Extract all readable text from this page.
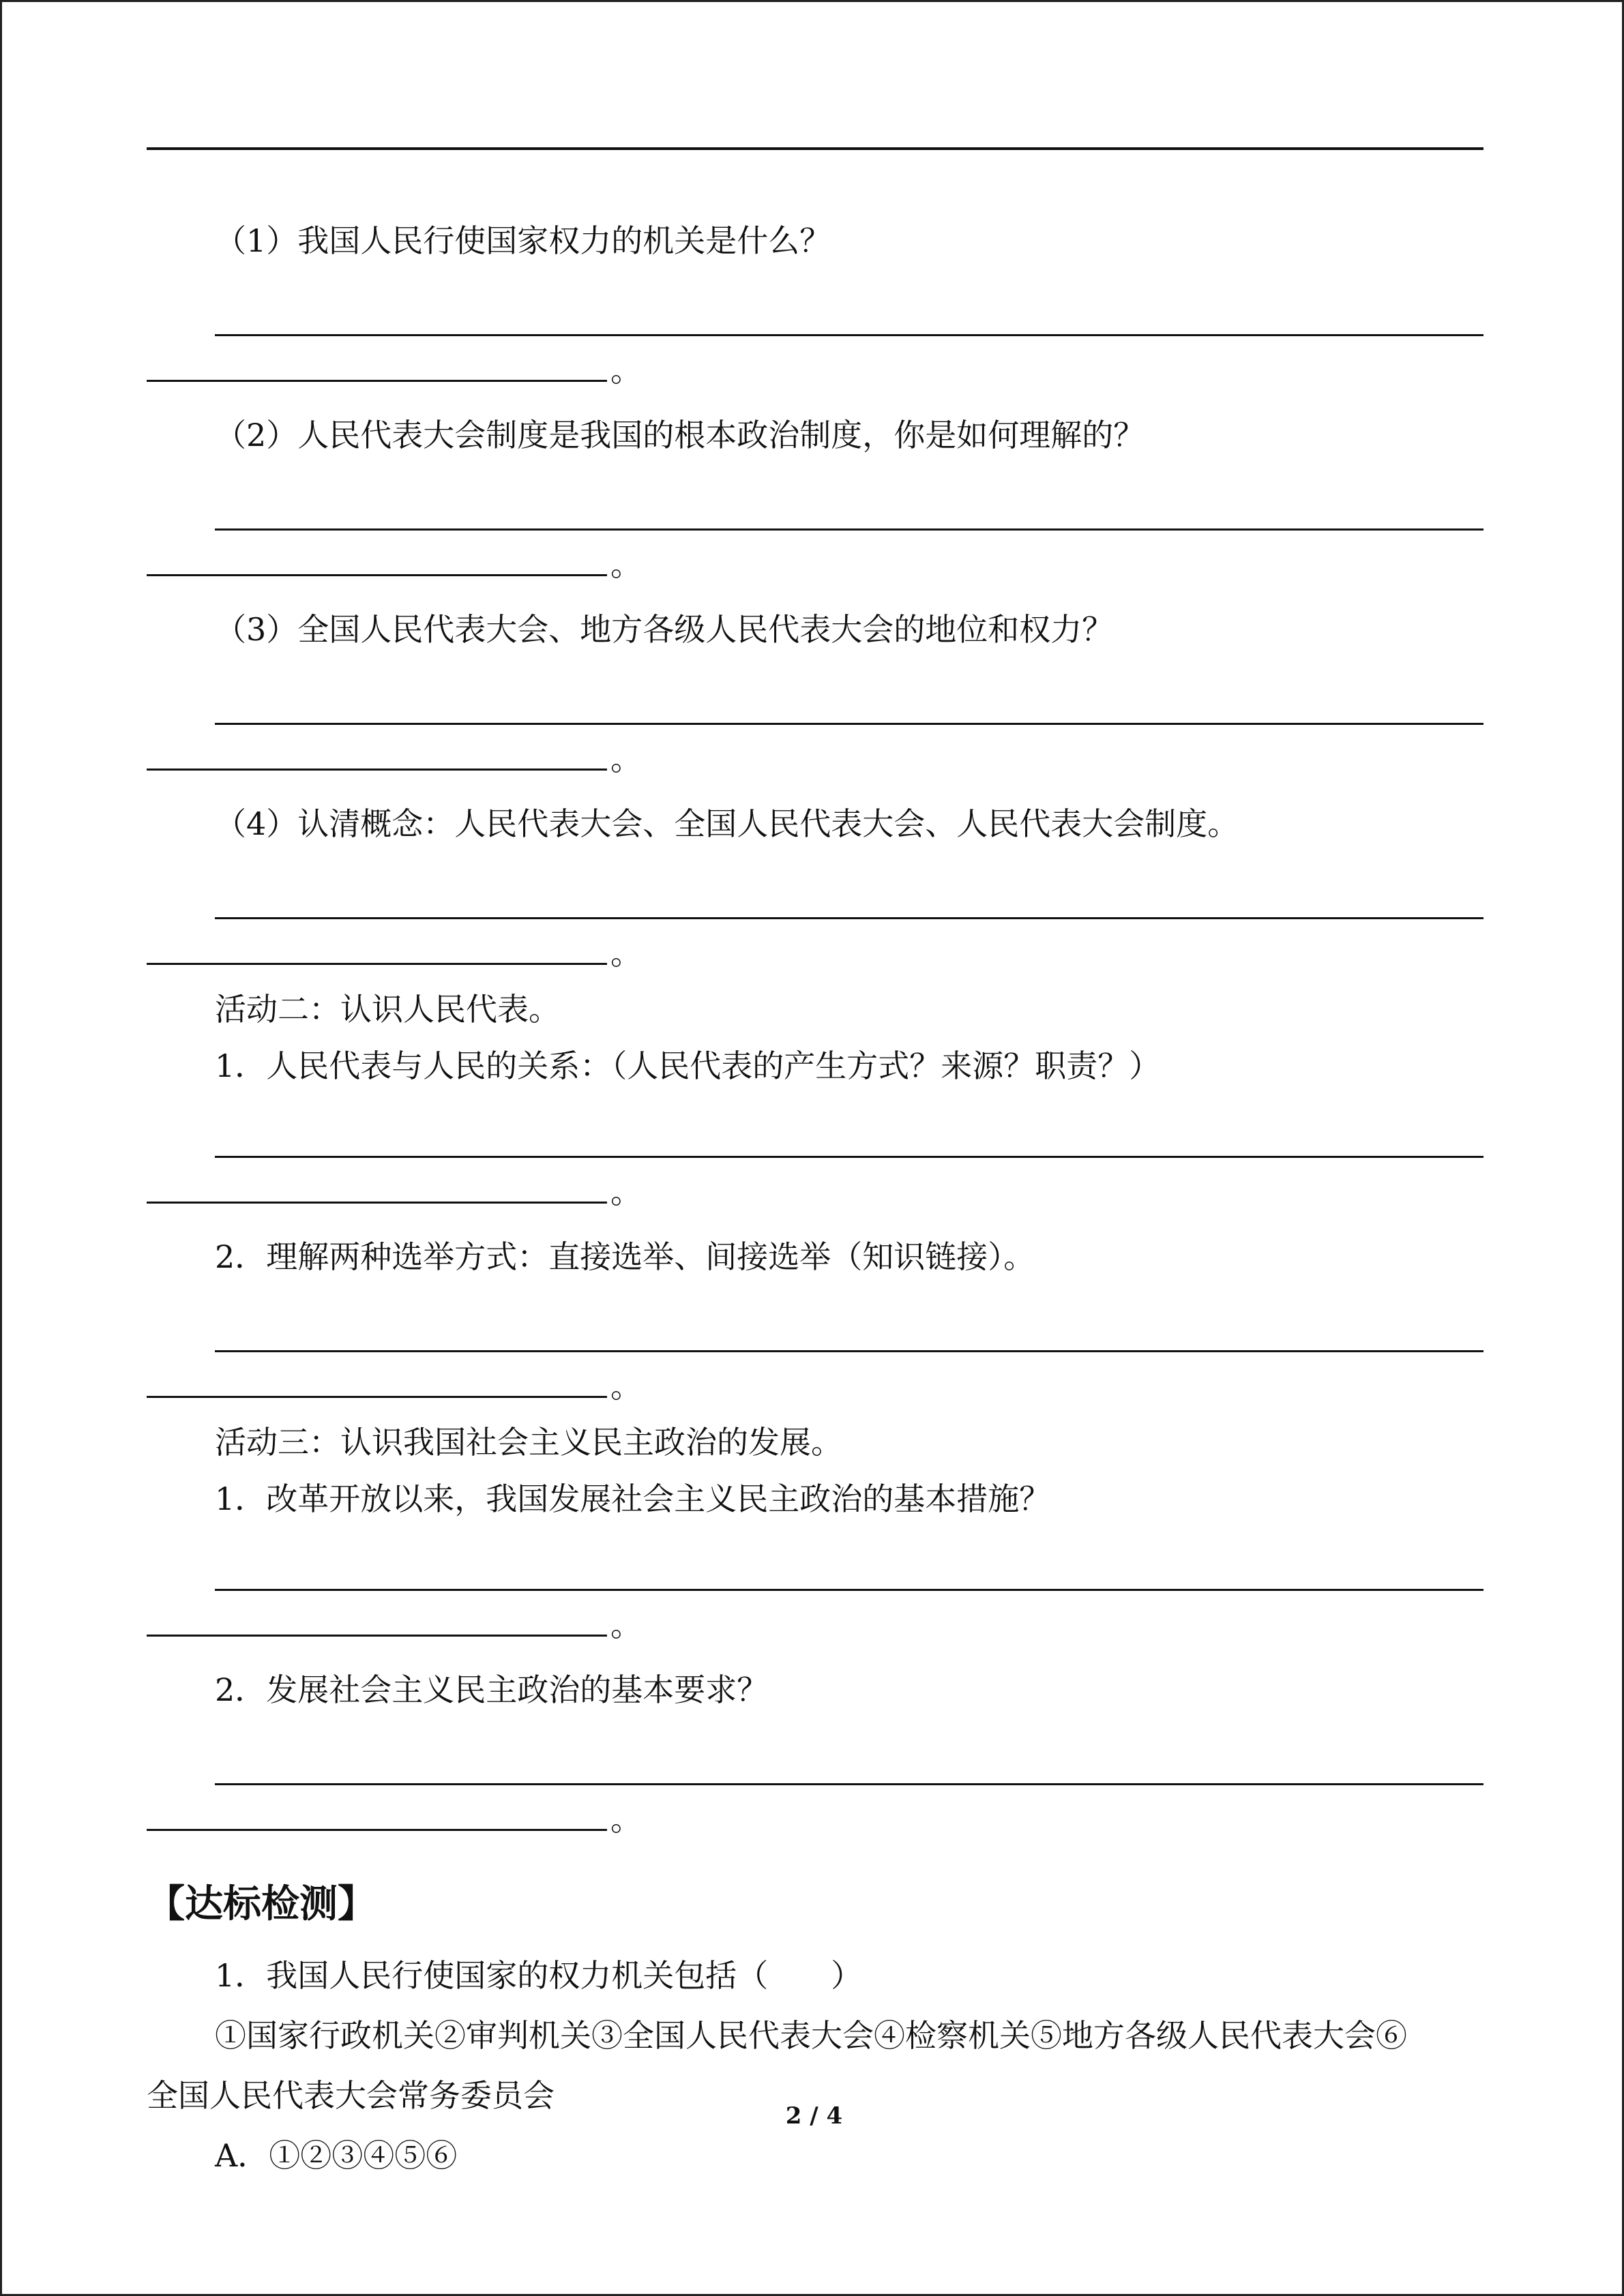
（1）我国人民行使国家权力的机关是什么？
。
（2）人民代表大会制度是我国的根本政治制度，你是如何理解的？
。
（3）全国人民代表大会、地方各级人民代表大会的地位和权力？
。
（4）认清概念：人民代表大会、全国人民代表大会、人民代表大会制度。
。
活动二：认识人民代表。
1．人民代表与人民的关系：（人民代表的产生方式？来源？职责？）
。
2．理解两种选举方式：直接选举、间接选举（知识链接）。
。
活动三：认识我国社会主义民主政治的发展。
1．改革开放以来，我国发展社会主义民主政治的基本措施？
。
2．发展社会主义民主政治的基本要求？
。
【达标检测】
1．我国人民行使国家的权力机关包括（　　）
①国家行政机关②审判机关③全国人民代表大会④检察机关⑤地方各级人民代表大会⑥
全国人民代表大会常务委员会
A．①②③④⑤⑥
2 / 4
